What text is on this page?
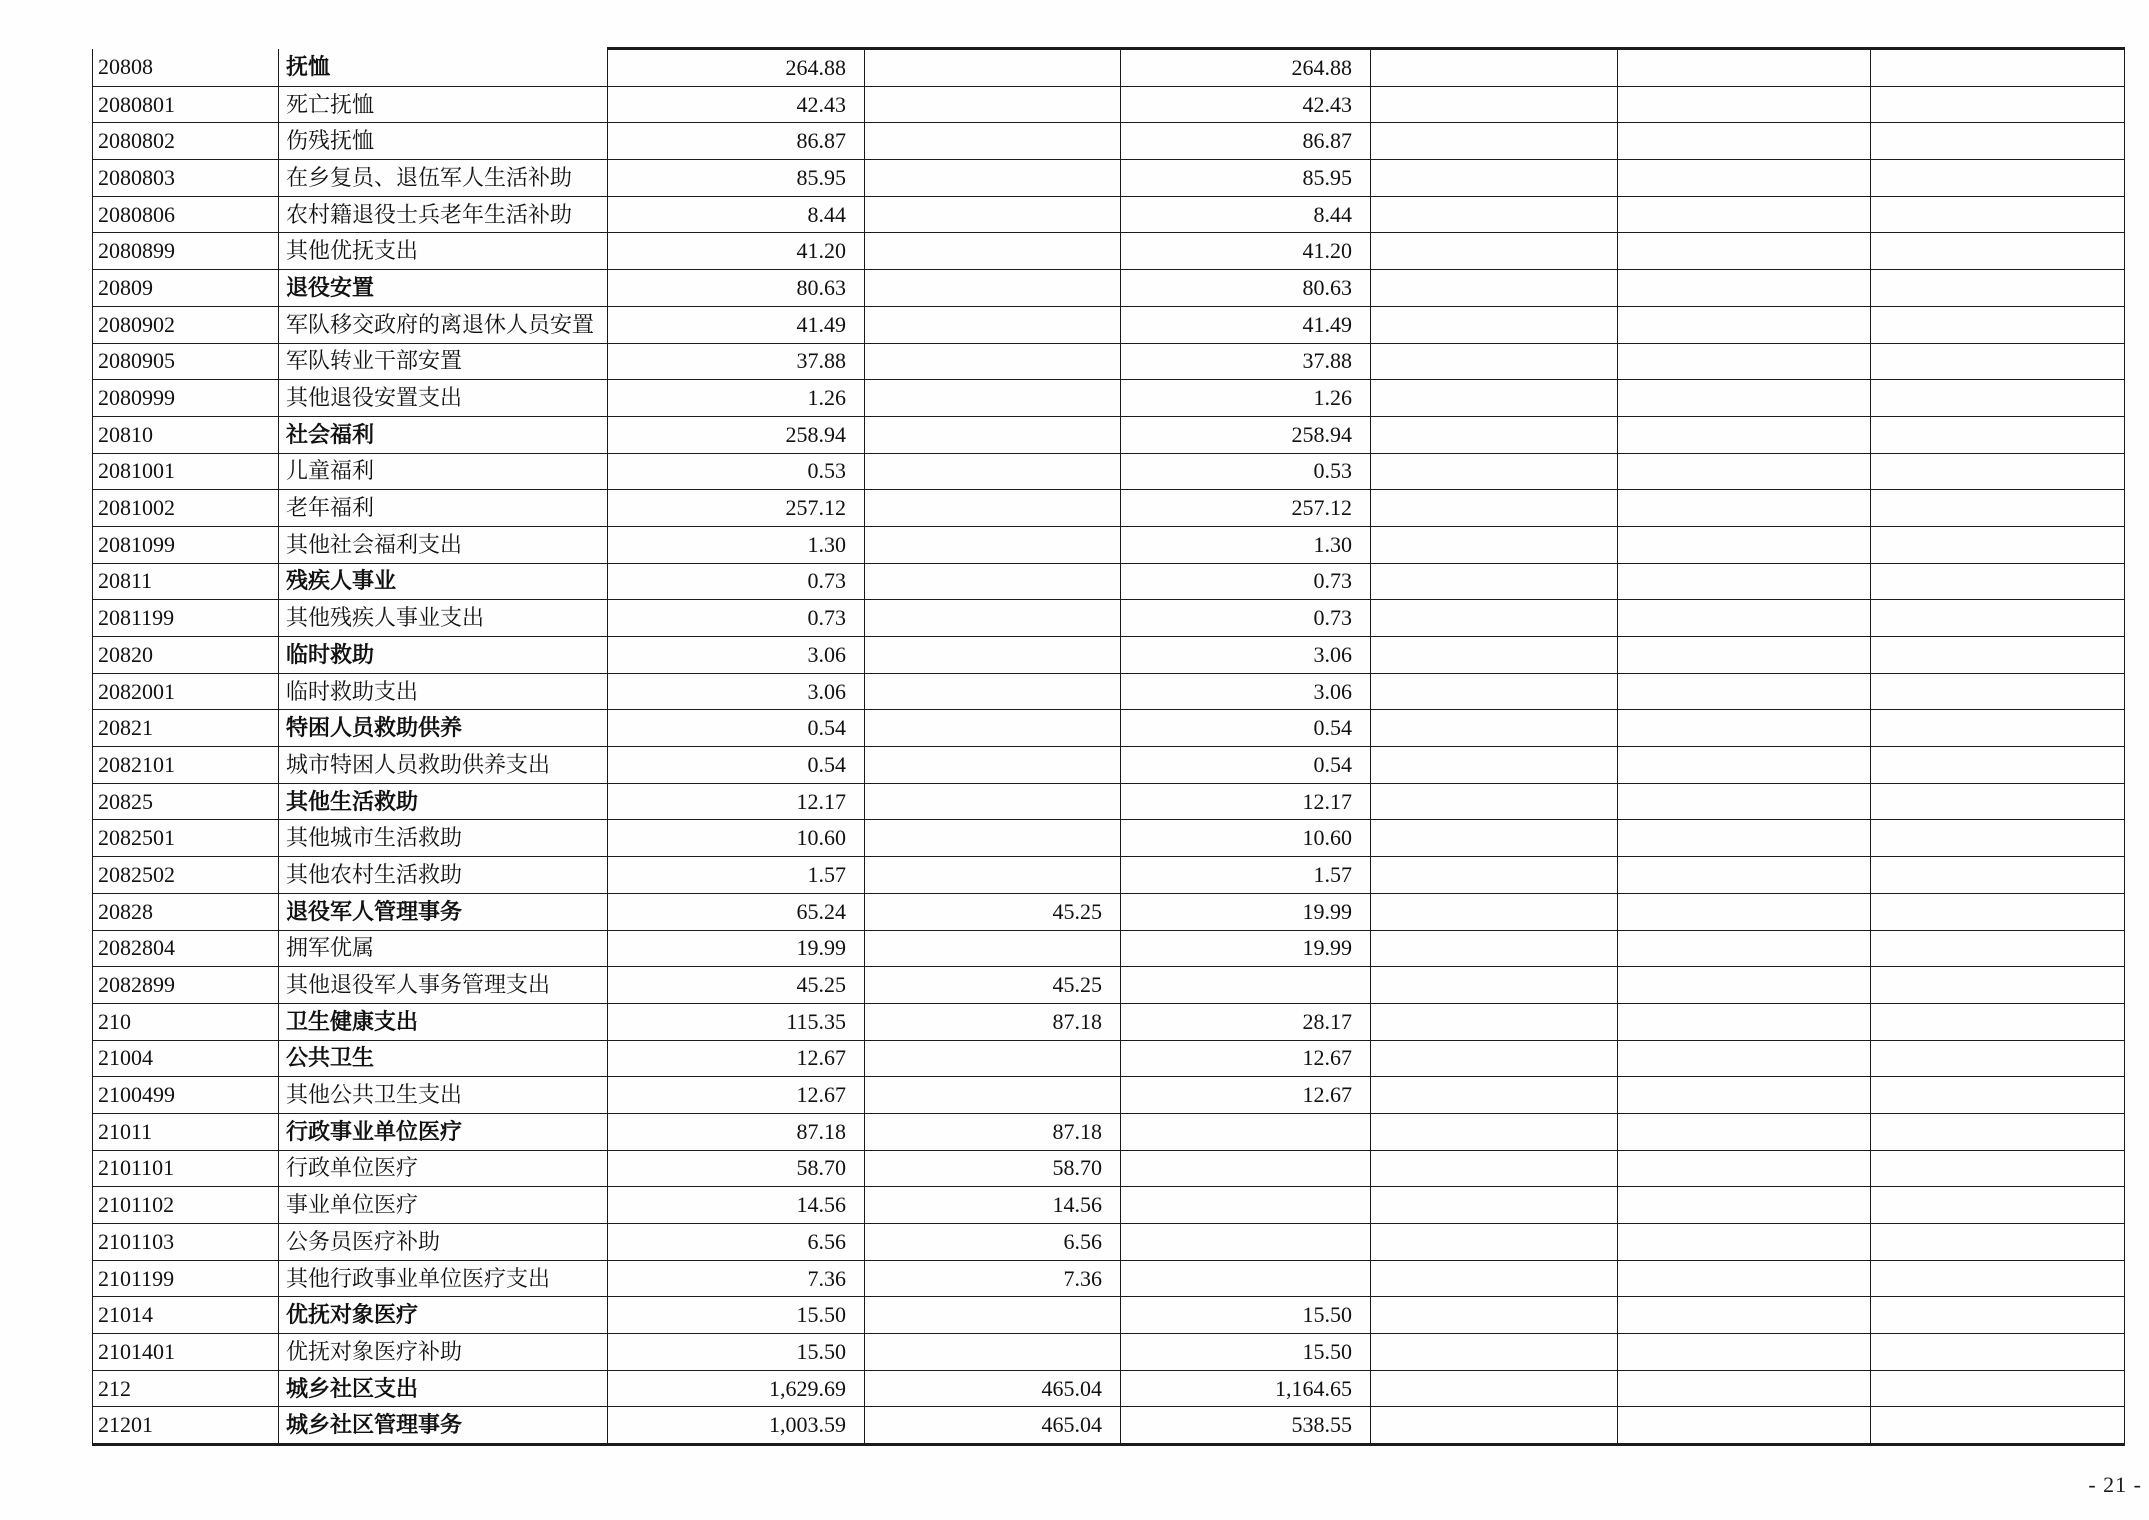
20808	抚恤	264.88		264.88			
2080801	死亡抚恤	42.43		42.43			
2080802	伤残抚恤	86.87		86.87			
2080803	在乡复员、退伍军人生活补助	85.95		85.95			
2080806	农村籍退役士兵老年生活补助	8.44		8.44			
2080899	其他优抚支出	41.20		41.20			
20809	退役安置	80.63		80.63			
2080902	军队移交政府的离退休人员安置	41.49		41.49			
2080905	军队转业干部安置	37.88		37.88			
2080999	其他退役安置支出	1.26		1.26			
20810	社会福利	258.94		258.94			
2081001	儿童福利	0.53		0.53			
2081002	老年福利	257.12		257.12			
2081099	其他社会福利支出	1.30		1.30			
20811	残疾人事业	0.73		0.73			
2081199	其他残疾人事业支出	0.73		0.73			
20820	临时救助	3.06		3.06			
2082001	临时救助支出	3.06		3.06			
20821	特困人员救助供养	0.54		0.54			
2082101	城市特困人员救助供养支出	0.54		0.54			
20825	其他生活救助	12.17		12.17			
2082501	其他城市生活救助	10.60		10.60			
2082502	其他农村生活救助	1.57		1.57			
20828	退役军人管理事务	65.24	45.25	19.99			
2082804	拥军优属	19.99		19.99			
2082899	其他退役军人事务管理支出	45.25	45.25				
210	卫生健康支出	115.35	87.18	28.17			
21004	公共卫生	12.67		12.67			
2100499	其他公共卫生支出	12.67		12.67			
21011	行政事业单位医疗	87.18	87.18				
2101101	行政单位医疗	58.70	58.70				
2101102	事业单位医疗	14.56	14.56				
2101103	公务员医疗补助	6.56	6.56				
2101199	其他行政事业单位医疗支出	7.36	7.36				
21014	优抚对象医疗	15.50		15.50			
2101401	优抚对象医疗补助	15.50		15.50			
212	城乡社区支出	1,629.69	465.04	1,164.65			
21201	城乡社区管理事务	1,003.59	465.04	538.55			
- 21 -
